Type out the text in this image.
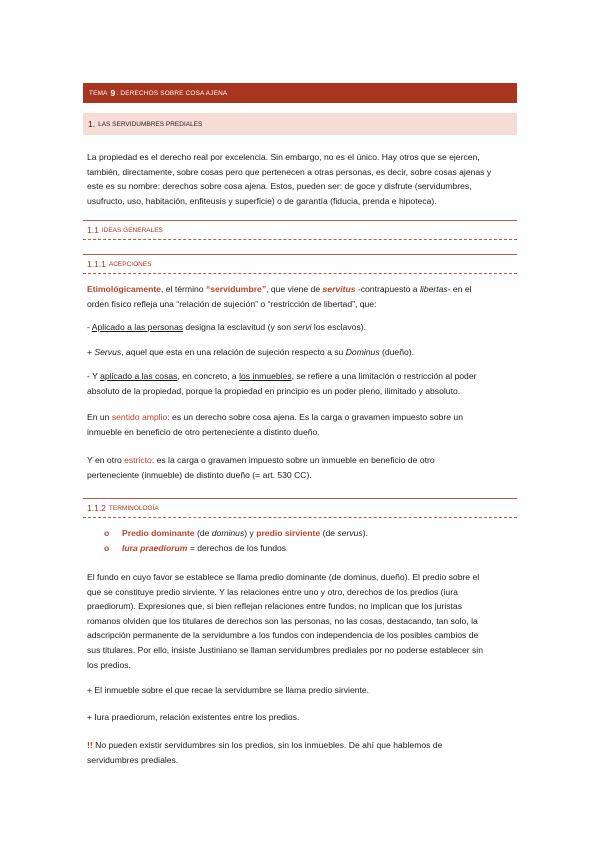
TEMA
9 : DERECHOS SOBRE COSA AJENA
1. LAS SERVIDUMBRES PREDIALES
La propiedad es el derecho real por excelencia. Sin embargo, no es el único. Hay otros que se ejercen,
también, directamente, sobre cosas pero que pertenecen a otras personas, es decir, sobre cosas ajenas y
este es su nombre: derechos sobre cosa ajena. Estos, pueden ser: de goce y disfrute (servidumbres,
usufructo, uso, habitación, enfiteusis y superficie) o de garantía (fiducia, prenda e hipoteca).
1.1 IDEAS GENERALES
1.1.1 ACEPCIONES
Etimológicamente, el término “servidumbre”, que viene de servitus -contrapuesto a libertas- en el
orden físico refleja una “relación de sujeción” o “restricción de libertad”, que:
- Aplicado a las personas designa la esclavitud (y son servi los esclavos).
+ Servus, aquel que esta en una relación de sujeción respecto a su Dominus (dueño).
- Y aplicado a las cosas, en concreto, a los inmuebles, se refiere a una limitación o restricción al poder
absoluto de la propiedad, porque la propiedad en principio es un poder pleno, ilimitado y absoluto.
En un sentido amplio: es un derecho sobre cosa ajena. Es la carga o gravamen impuesto sobre un
inmueble en beneficio de otro perteneciente a distinto dueño.
Y en otro estricto: es la carga o gravamen impuesto sobre un inmueble en beneficio de otro
perteneciente (inmueble) de distinto dueño (= art. 530 CC).
1.1.2 TERMINOLOGÍA
o Predio dominante (de dominus) y predio sirviente (de servus).
o Iura praediorum = derechos de los fundos
El fundo en cuyo favor se establece se llama predio dominante (de dominus, dueño). El predio sobre el
que se constituye predio sirviente. Y las relaciones entre uno y otro, derechos de los predios (iura
praediorum). Expresiones que, si bien reflejan relaciones entre fundos, no implican que los juristas
romanos olviden que los titulares de derechos son las personas, no las cosas, destacando, tan solo, la
adscripción permanente de la servidumbre a los fundos con independencia de los posibles cambios de
sus titulares. Por ello, insiste Justiniano se llaman servidumbres prediales por no poderse establecer sin
los predios.
+ El inmueble sobre el que recae la servidumbre se llama predio sirviente.
+ Iura praediorum, relación existentes entre los predios.
!! No pueden existir servidumbres sin los predios, sin los inmuebles. De ahí que hablemos de
servidumbres prediales.
